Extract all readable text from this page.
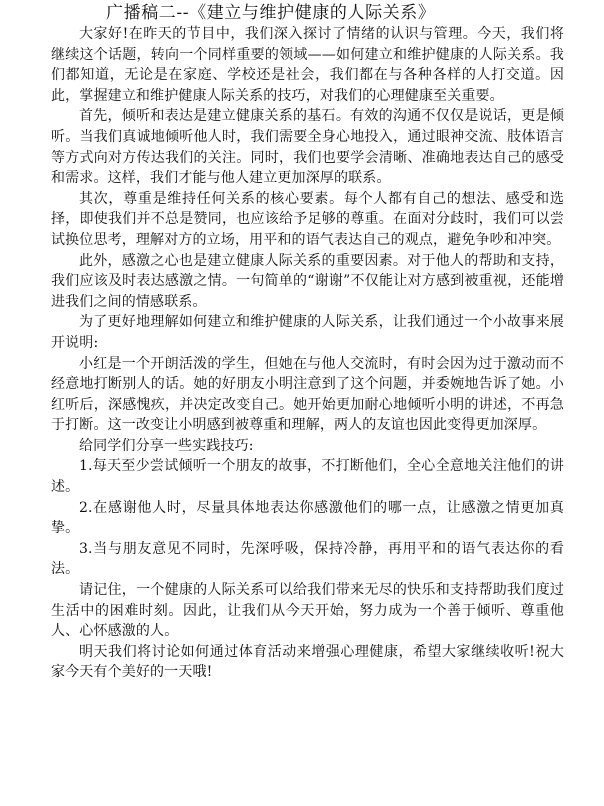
广播稿二--《建立与维护健康的人际关系》

大家好!在昨天的节目中，我们深入探讨了情绪的认识与管理。今天，我们将继续这个话题，转向一个同样重要的领域——如何建立和维护健康的人际关系。我们都知道，无论是在家庭、学校还是社会，我们都在与各种各样的人打交道。因此，掌握建立和维护健康人际关系的技巧，对我们的心理健康至关重要。

首先，倾听和表达是建立健康关系的基石。有效的沟通不仅仅是说话，更是倾听。当我们真诚地倾听他人时，我们需要全身心地投入，通过眼神交流、肢体语言等方式向对方传达我们的关注。同时，我们也要学会清晰、准确地表达自己的感受和需求。这样，我们才能与他人建立更加深厚的联系。

其次，尊重是维持任何关系的核心要素。每个人都有自己的想法、感受和选择，即使我们并不总是赞同，也应该给予足够的尊重。在面对分歧时，我们可以尝试换位思考，理解对方的立场，用平和的语气表达自己的观点，避免争吵和冲突。

此外，感激之心也是建立健康人际关系的重要因素。对于他人的帮助和支持，我们应该及时表达感激之情。一句简单的“谢谢”不仅能让对方感到被重视，还能增进我们之间的情感联系。

为了更好地理解如何建立和维护健康的人际关系，让我们通过一个小故事来展开说明:

小红是一个开朗活泼的学生，但她在与他人交流时，有时会因为过于激动而不经意地打断别人的话。她的好朋友小明注意到了这个问题，并委婉地告诉了她。小红听后，深感愧疚，并决定改变自己。她开始更加耐心地倾听小明的讲述，不再急于打断。这一改变让小明感到被尊重和理解，两人的友谊也因此变得更加深厚。

给同学们分享一些实践技巧:

1.每天至少尝试倾听一个朋友的故事，不打断他们，全心全意地关注他们的讲述。

2.在感谢他人时，尽量具体地表达你感激他们的哪一点，让感激之情更加真挚。

3.当与朋友意见不同时，先深呼吸，保持冷静，再用平和的语气表达你的看法。

请记住，一个健康的人际关系可以给我们带来无尽的快乐和支持帮助我们度过生活中的困难时刻。因此，让我们从今天开始，努力成为一个善于倾听、尊重他人、心怀感激的人。

明天我们将讨论如何通过体育活动来增强心理健康，希望大家继续收听!祝大家今天有个美好的一天哦!
